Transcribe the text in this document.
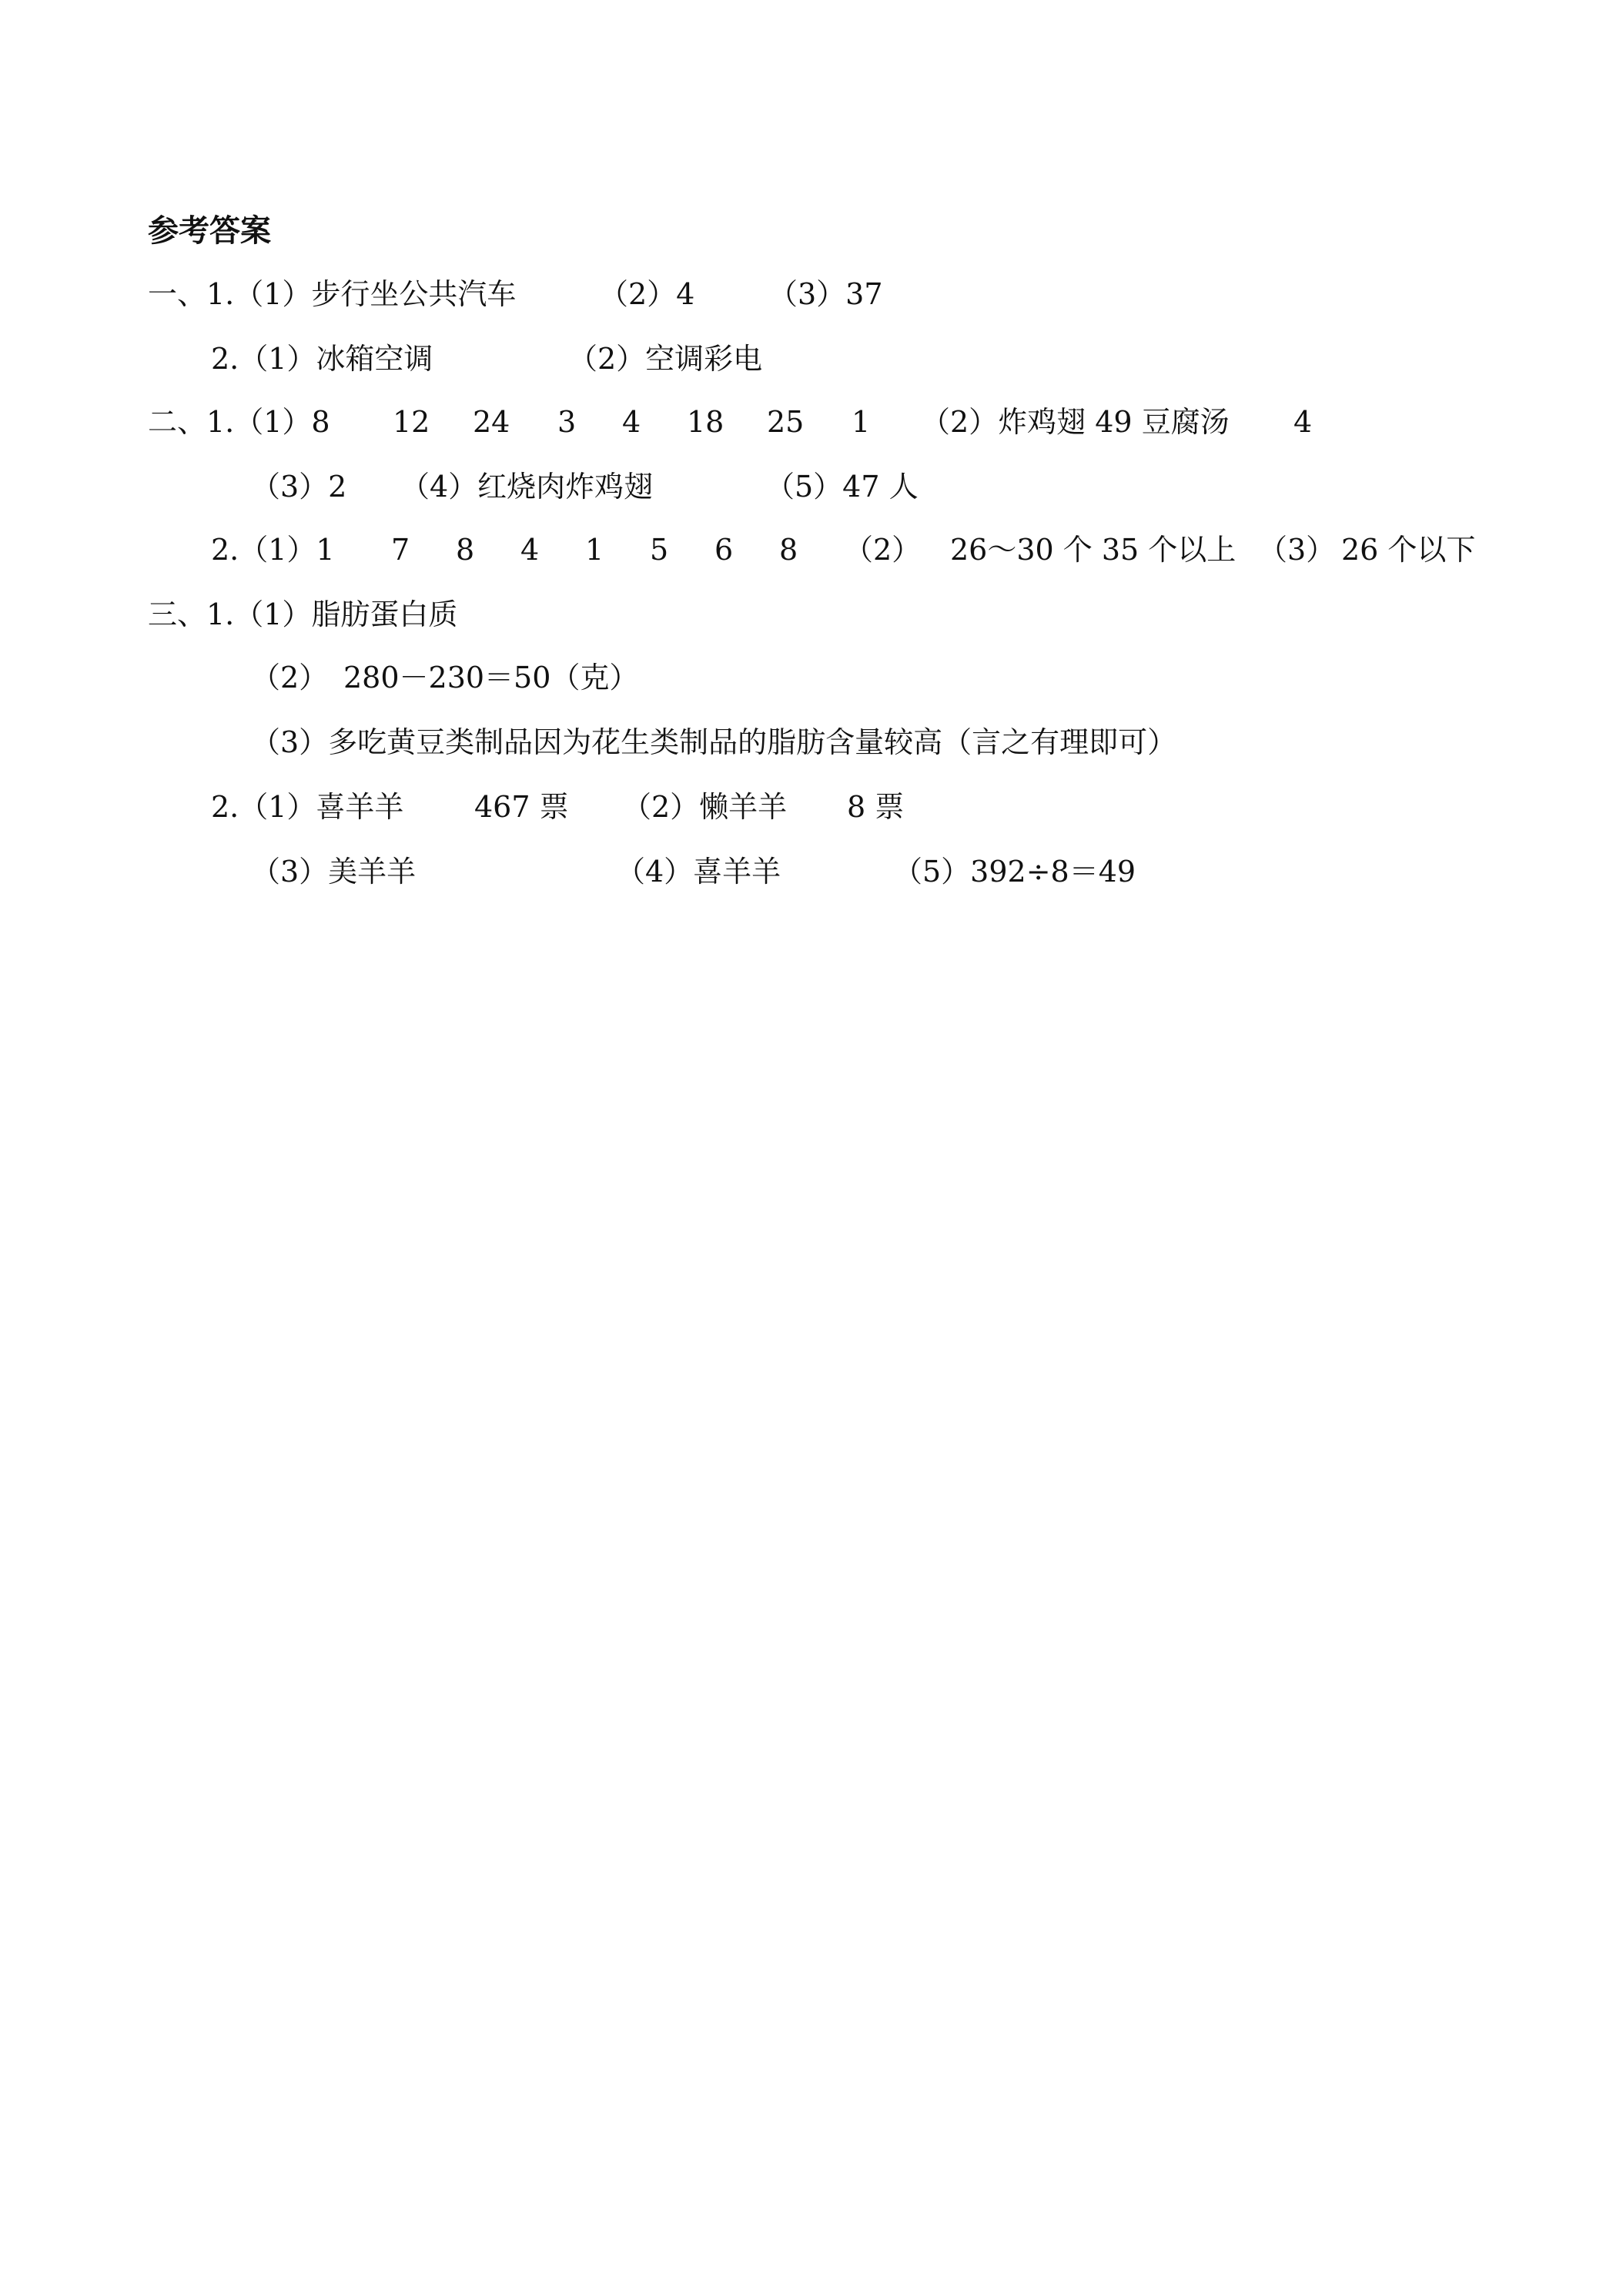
参考答案
一、1.（1）步行坐公共汽车	（2）4	（3）37
2.（1）冰箱空调	（2）空调彩电
二、1.（1）8 12 24 3 4 18 25 1 （2）炸鸡翅 49 豆腐汤 4
（3）2 （4）红烧肉炸鸡翅	（5）47 人
2.（1）1 7 8 4 1 5 6 8 （2） 26～30 个 35 个以上 （3） 26 个以下
三、1.（1）脂肪蛋白质
（2） 280－230＝50（克）
（3）多吃黄豆类制品因为花生类制品的脂肪含量较高（言之有理即可）
2.（1）喜羊羊 467 票 （2）懒羊羊 8 票
（3）美羊羊	（4）喜羊羊	（5）392÷8＝49
